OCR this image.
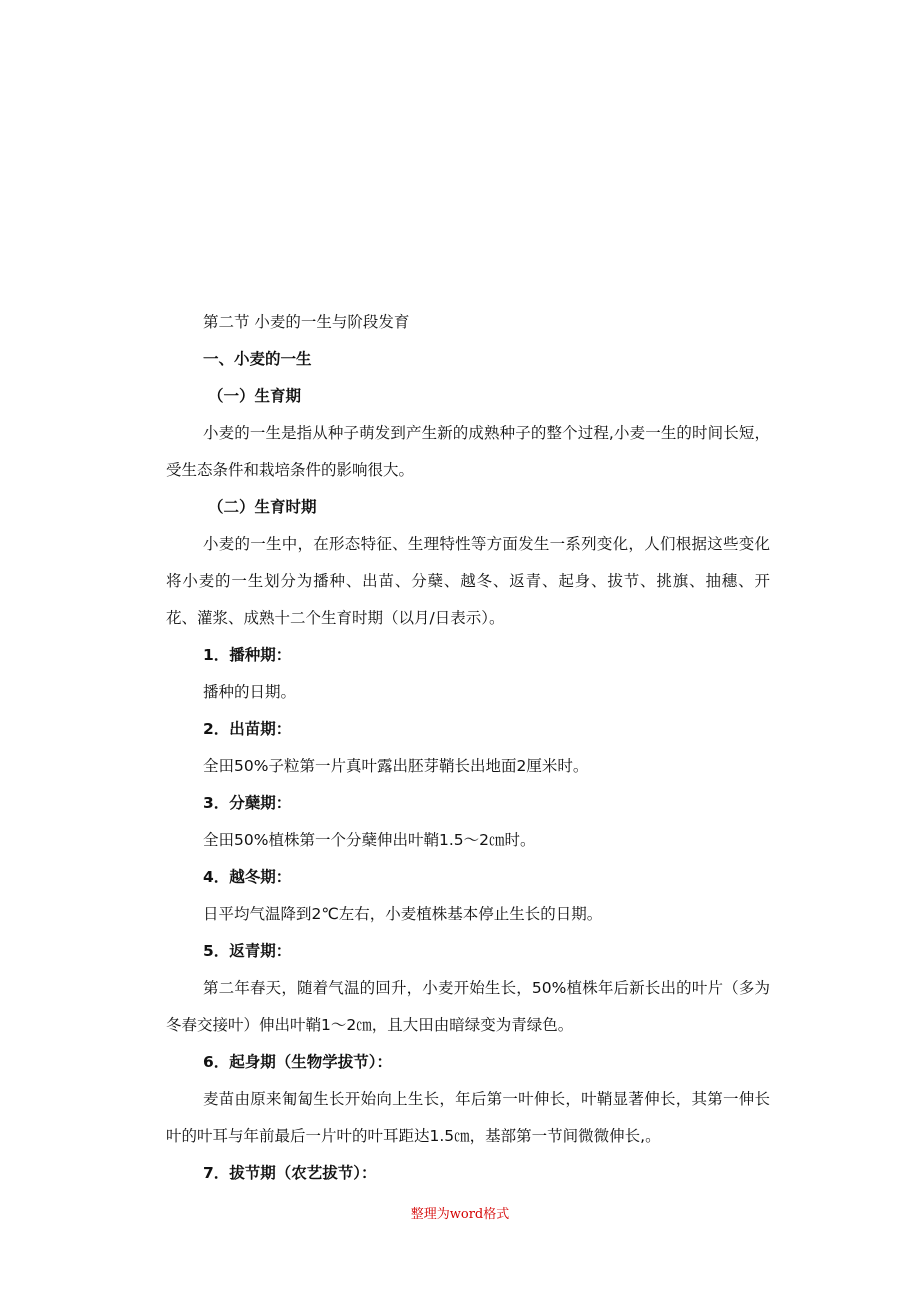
第二节 小麦的一生与阶段发育

一、小麦的一生

（一）生育期

小麦的一生是指从种子萌发到产生新的成熟种子的整个过程,小麦一生的时间长短，受生态条件和栽培条件的影响很大。

（二）生育时期

小麦的一生中，在形态特征、生理特性等方面发生一系列变化，人们根据这些变化将小麦的一生划分为播种、出苗、分蘖、越冬、返青、起身、拔节、挑旗、抽穗、开花、灌浆、成熟十二个生育时期（以月/日表示）。

1．播种期：

播种的日期。

2．出苗期：

全田50%子粒第一片真叶露出胚芽鞘长出地面2厘米时。

3．分蘖期：

全田50%植株第一个分蘖伸出叶鞘1.5～2㎝时。

4．越冬期：

日平均气温降到2℃左右，小麦植株基本停止生长的日期。

5．返青期：

第二年春天，随着气温的回升，小麦开始生长，50%植株年后新长出的叶片（多为冬春交接叶）伸出叶鞘1～2㎝，且大田由暗绿变为青绿色。

6．起身期（生物学拔节）：

麦苗由原来匍匐生长开始向上生长，年后第一叶伸长，叶鞘显著伸长，其第一伸长叶的叶耳与年前最后一片叶的叶耳距达1.5㎝，基部第一节间微微伸长,。

7．拔节期（农艺拔节）：

整理为word格式
